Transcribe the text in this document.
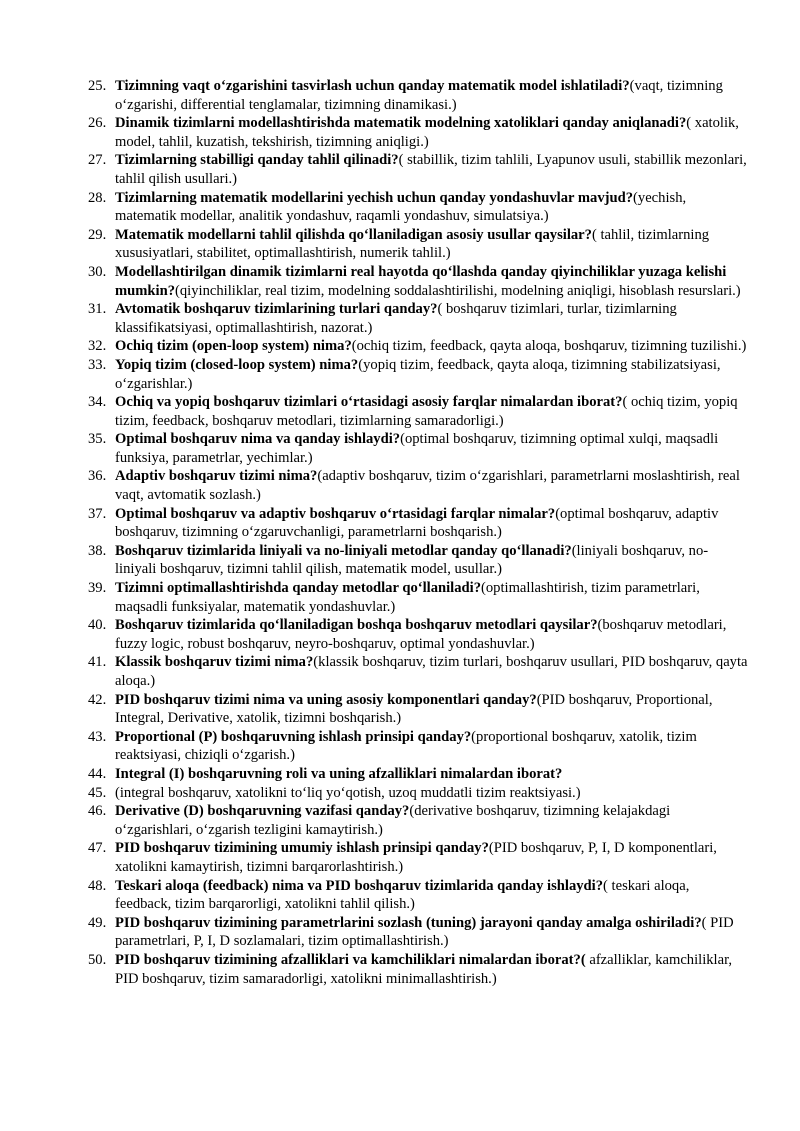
25. Tizimning vaqt o‘zgarishini tasvirlash uchun qanday matematik model ishlatiladi?(vaqt, tizimning o‘zgarishi, differential tenglamalar, tizimning dinamikasi.)
26. Dinamik tizimlarni modellashtirishda matematik modelning xatoliklari qanday aniqlanadi?( xatolik, model, tahlil, kuzatish, tekshirish, tizimning aniqligi.)
27. Tizimlarning stabilligi qanday tahlil qilinadi?( stabillik, tizim tahlili, Lyapunov usuli, stabillik mezonlari, tahlil qilish usullari.)
28. Tizimlarning matematik modellarini yechish uchun qanday yondashuvlar mavjud?(yechish, matematik modellar, analitik yondashuv, raqamli yondashuv, simulatsiya.)
29. Matematik modellarni tahlil qilishda qo‘llaniladigan asosiy usullar qaysilar?( tahlil, tizimlarning xususiyatlari, stabilitet, optimallashtirish, numerik tahlil.)
30. Modellashtirilgan dinamik tizimlarni real hayotda qo‘llashda qanday qiyinchiliklar yuzaga kelishi mumkin?(qiyinchiliklar, real tizim, modelning soddalashtirilishi, modelning aniqligi, hisoblash resurslari.)
31. Avtomatik boshqaruv tizimlarining turlari qanday?( boshqaruv tizimlari, turlar, tizimlarning klassifikatsiyasi, optimallashtirish, nazorat.)
32. Ochiq tizim (open-loop system) nima?(ochiq tizim, feedback, qayta aloqa, boshqaruv, tizimning tuzilishi.)
33. Yopiq tizim (closed-loop system) nima?(yopiq tizim, feedback, qayta aloqa, tizimning stabilizatsiyasi, o‘zgarishlar.)
34. Ochiq va yopiq boshqaruv tizimlari o‘rtasidagi asosiy farqlar nimalardan iborat?( ochiq tizim, yopiq tizim, feedback, boshqaruv metodlari, tizimlarning samaradorligi.)
35. Optimal boshqaruv nima va qanday ishlaydi?(optimal boshqaruv, tizimning optimal xulqi, maqsadli funksiya, parametrlar, yechimlar.)
36. Adaptiv boshqaruv tizimi nima?(adaptiv boshqaruv, tizim o‘zgarishlari, parametrlarni moslashtirish, real vaqt, avtomatik sozlash.)
37. Optimal boshqaruv va adaptiv boshqaruv o‘rtasidagi farqlar nimalar?(optimal boshqaruv, adaptiv boshqaruv, tizimning o‘zgaruvchanligi, parametrlarni boshqarish.)
38. Boshqaruv tizimlarida liniyali va no-liniyali metodlar qanday qo‘llanadi?(liniyali boshqaruv, no-liniyali boshqaruv, tizimni tahlil qilish, matematik model, usullar.)
39. Tizimni optimallashtirishda qanday metodlar qo‘llaniladi?(optimallashtirish, tizim parametrlari, maqsadli funksiyalar, matematik yondashuvlar.)
40. Boshqaruv tizimlarida qo‘llaniladigan boshqa boshqaruv metodlari qaysilar?(boshqaruv metodlari, fuzzy logic, robust boshqaruv, neyro-boshqaruv, optimal yondashuvlar.)
41. Klassik boshqaruv tizimi nima?(klassik boshqaruv, tizim turlari, boshqaruv usullari, PID boshqaruv, qayta aloqa.)
42. PID boshqaruv tizimi nima va uning asosiy komponentlari qanday?(PID boshqaruv, Proportional, Integral, Derivative, xatolik, tizimni boshqarish.)
43. Proportional (P) boshqaruvning ishlash prinsipi qanday?(proportional boshqaruv, xatolik, tizim reaktsiyasi, chiziqli o‘zgarish.)
44. Integral (I) boshqaruvning roli va uning afzalliklari nimalardan iborat?
45. (integral boshqaruv, xatolikni to‘liq yo‘qotish, uzoq muddatli tizim reaktsiyasi.)
46. Derivative (D) boshqaruvning vazifasi qanday?(derivative boshqaruv, tizimning kelajakdagi o‘zgarishlari, o‘zgarish tezligini kamaytirish.)
47. PID boshqaruv tizimining umumiy ishlash prinsipi qanday?(PID boshqaruv, P, I, D komponentlari, xatolikni kamaytirish, tizimni barqarorlashtirish.)
48. Teskari aloqa (feedback) nima va PID boshqaruv tizimlarida qanday ishlaydi?( teskari aloqa, feedback, tizim barqarorligi, xatolikni tahlil qilish.)
49. PID boshqaruv tizimining parametrlarini sozlash (tuning) jarayoni qanday amalga oshiriladi?( PID parametrlari, P, I, D sozlamalari, tizim optimallashtirish.)
50. PID boshqaruv tizimining afzalliklari va kamchiliklari nimalardan iborat?( afzalliklar, kamchiliklar, PID boshqaruv, tizim samaradorligi, xatolikni minimallashtirish.)
